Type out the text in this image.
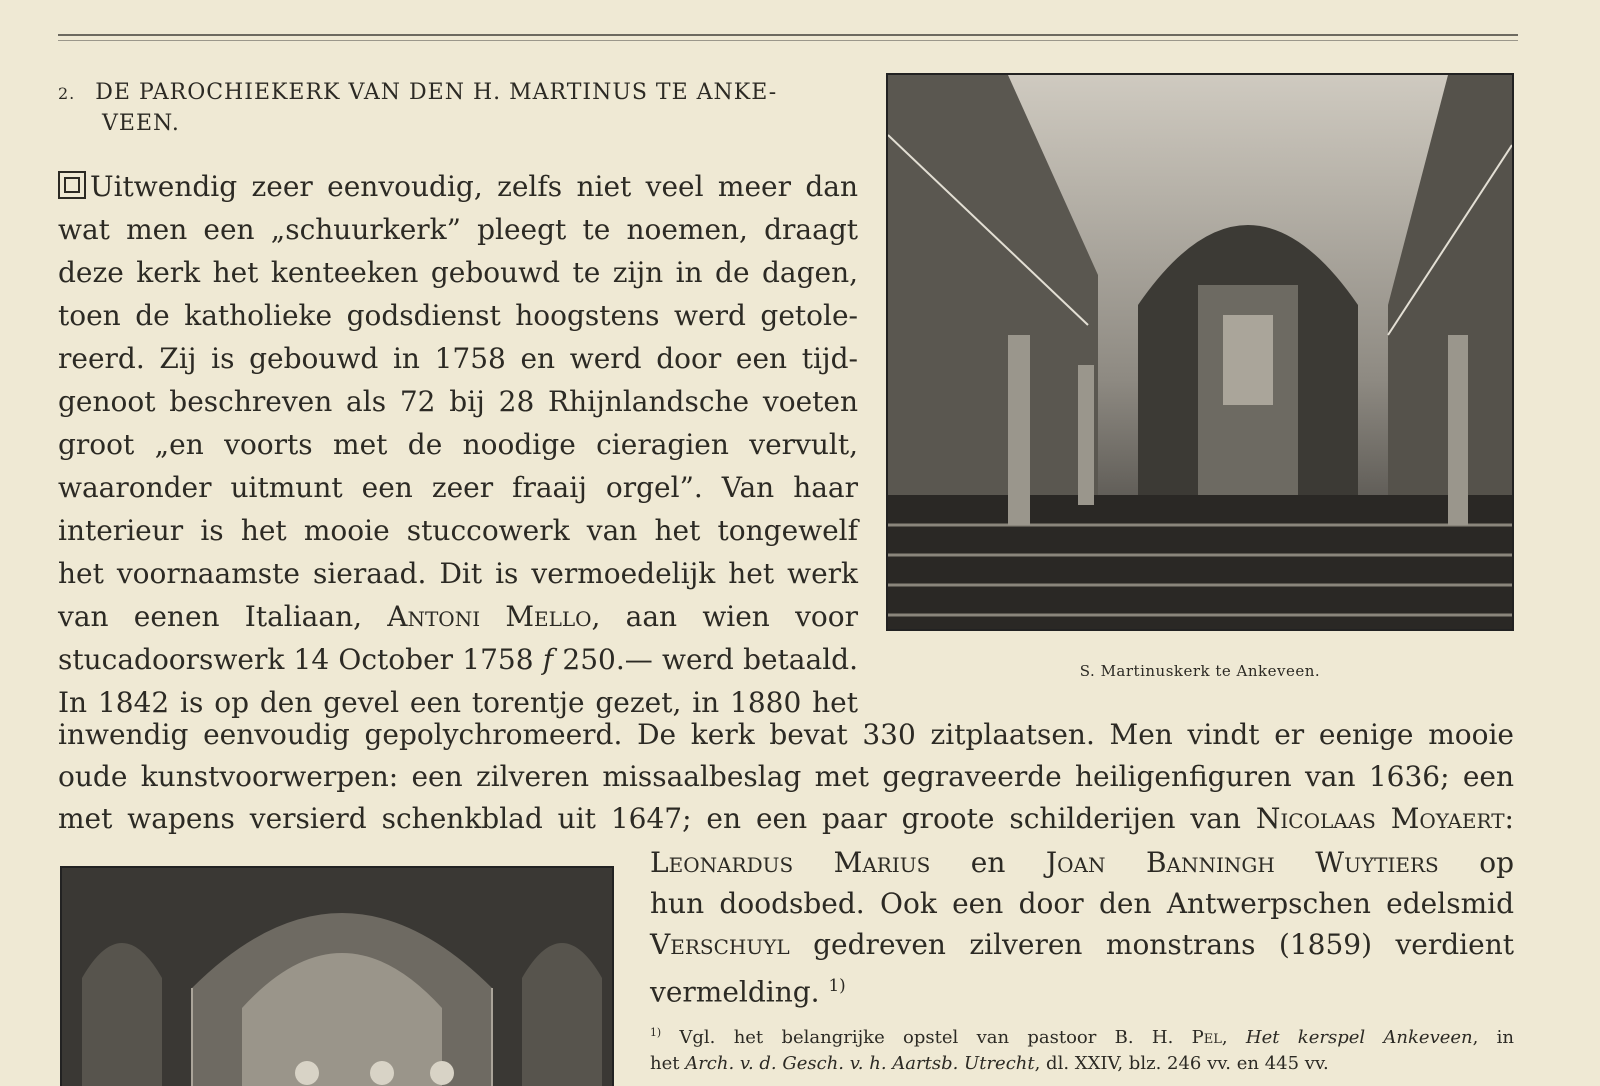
2. DE PAROCHIEKERK VAN DEN H. MARTINUS TE ANKE-
VEEN.
Uitwendig zeer eenvoudig, zelfs niet veel meer dan
wat men een „schuurkerk” pleegt te noemen, draagt
deze kerk het kenteeken gebouwd te zijn in de dagen,
toen de katholieke godsdienst hoogstens werd getole-
reerd. Zij is gebouwd in 1758 en werd door een tijd-
genoot beschreven als 72 bij 28 Rhijnlandsche voeten
groot „en voorts met de noodige cieragien vervult,
waaronder uitmunt een zeer fraaij orgel”. Van haar
interieur is het mooie stuccowerk van het tongewelf
het voornaamste sieraad. Dit is vermoedelijk het werk
van eenen Italiaan, Antoni Mello, aan wien voor
stucadoorswerk 14 October 1758 f 250.— werd betaald.
In 1842 is op den gevel een torentje gezet, in 1880 het
S. Martinuskerk te Ankeveen.
inwendig eenvoudig gepolychromeerd. De kerk bevat 330 zitplaatsen. Men vindt er eenige mooie
oude kunstvoorwerpen: een zilveren missaalbeslag met gegraveerde heiligenfiguren van 1636; een
met wapens versierd schenkblad uit 1647; en een paar groote schilderijen van Nicolaas Moyaert:
Leonardus Marius en Joan Banningh Wuytiers op
hun doodsbed. Ook een door den Antwerpschen edelsmid
Verschuyl gedreven zilveren monstrans (1859) verdient
vermelding. $^{1)}$
$^{1)}$ Vgl. het belangrijke opstel van pastoor B. H. Pel, Het kerspel Ankeveen, in
het Arch. v. d. Gesch. v. h. Aartsb. Utrecht, dl. XXIV, blz. 246 vv. en 445 vv.
